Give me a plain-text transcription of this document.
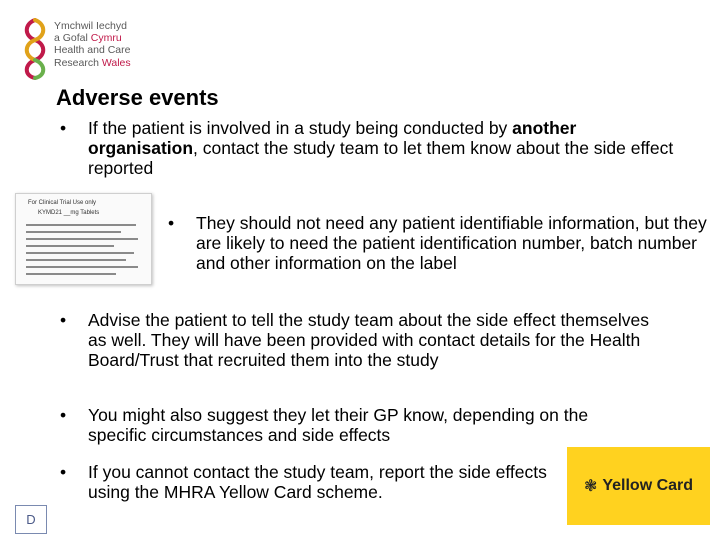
Ymchwil Iechyd
a Gofal Cymru
Health and Care
Research Wales
Adverse events
• If the patient is involved in a study being conducted by another organisation, contact the study team to let them know about the side effect reported
For Clinical Trial Use only
KYMD21 __mg Tablets	• They should not need any patient identifiable information, but they are likely to need the patient identification number, batch number and other information on the label
• Advise the patient to tell the study team about the side effect themselves as well. They will have been provided with contact details for the Health Board/Trust that recruited them into the study
• You might also suggest they let their GP know, depending on the specific circumstances and side effects
• If you cannot contact the study team, report the side effects using the MHRA Yellow Card scheme.	❃ Yellow Card
D
